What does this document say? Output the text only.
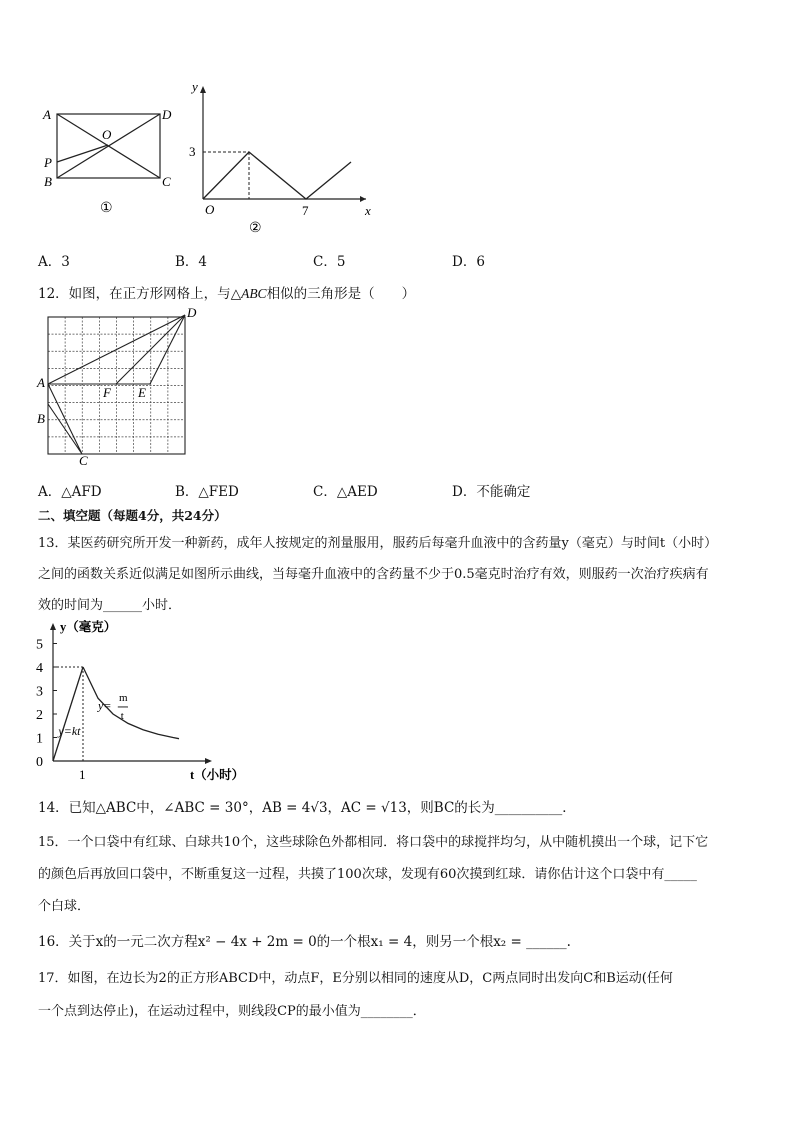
A	D
O
P
B	C
①
y
x
O
3
7
②
A．3	B．4	C．5	D．6
12．如图，在正方形网格上，与△ABC相似的三角形是（　　）
D
A
F E
B
C
A．△AFD	B．△FED	C．△AED	D．不能确定
二、填空题（每题4分，共24分）
13．某医药研究所开发一种新药，成年人按规定的剂量服用，服药后每毫升血液中的含药量y（毫克）与时间t（小时）
之间的函数关系近似满足如图所示曲线，当每毫升血液中的含药量不少于0.5毫克时治疗有效，则服药一次治疗疾病有
效的时间为______小时．
0
1
2
3
4
5
1
y（毫克）
t（小时）
y=kt
y=
m
t
14．已知△ABC中，∠ABC = 30°，AB = 4√3，AC = √13，则BC的长为__________．
15．一个口袋中有红球、白球共10个，这些球除色外都相同．将口袋中的球搅拌均匀，从中随机摸出一个球，记下它
的颜色后再放回口袋中，不断重复这一过程，共摸了100次球，发现有60次摸到红球．请你估计这个口袋中有_____
个白球．
16．关于x的一元二次方程x² − 4x + 2m = 0的一个根x₁ = 4，则另一个根x₂ = ______.
17．如图，在边长为2的正方形ABCD中，动点F，E分别以相同的速度从D，C两点同时出发向C和B运动(任何
一个点到达停止)，在运动过程中，则线段CP的最小值为________．
